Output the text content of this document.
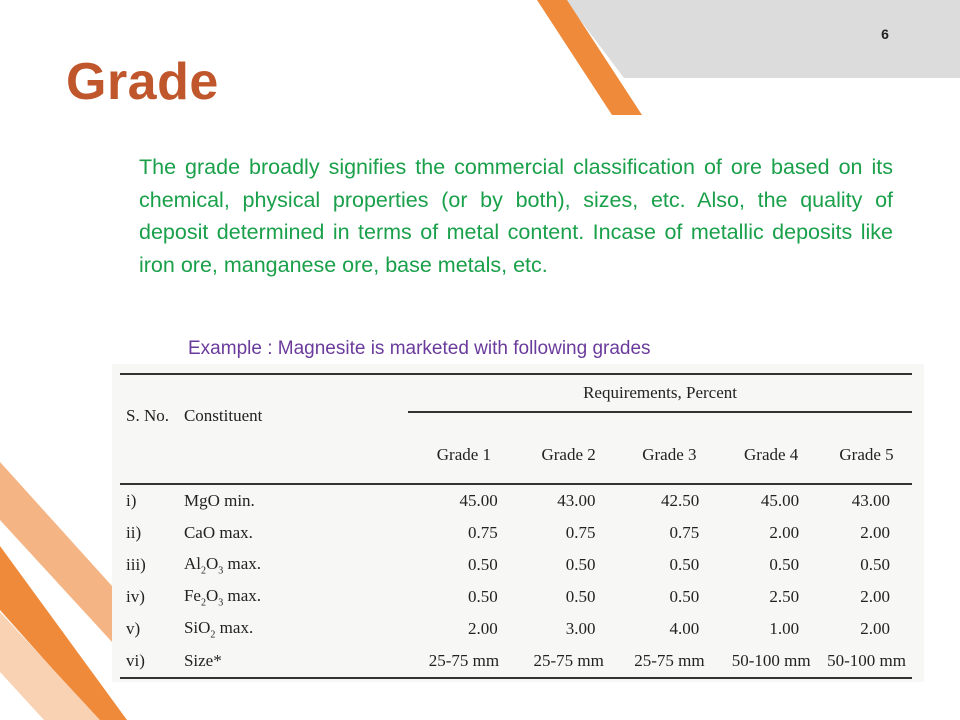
6
Grade

The grade broadly signifies the commercial classification of ore based on its chemical, physical properties (or by both), sizes, etc. Also, the quality of deposit determined in terms of metal content. Incase of metallic deposits like iron ore, manganese ore, base metals, etc.

Example : Magnesite is marketed with following grades

S. No.	Constituent	Requirements, Percent				
		Grade 1	Grade 2	Grade 3	Grade 4	Grade 5
i)	MgO min.	45.00	43.00	42.50	45.00	43.00
ii)	CaO max.	0.75	0.75	0.75	2.00	2.00
iii)	$Al_2O_3$ max.	0.50	0.50	0.50	0.50	0.50
iv)	$Fe_2O_3$ max.	0.50	0.50	0.50	2.50	2.00
v)	SiO$_2$ max.	2.00	3.00	4.00	1.00	2.00
vi)	Size*	25-75 mm	25-75 mm	25-75 mm	50-100 mm	50-100 mm
